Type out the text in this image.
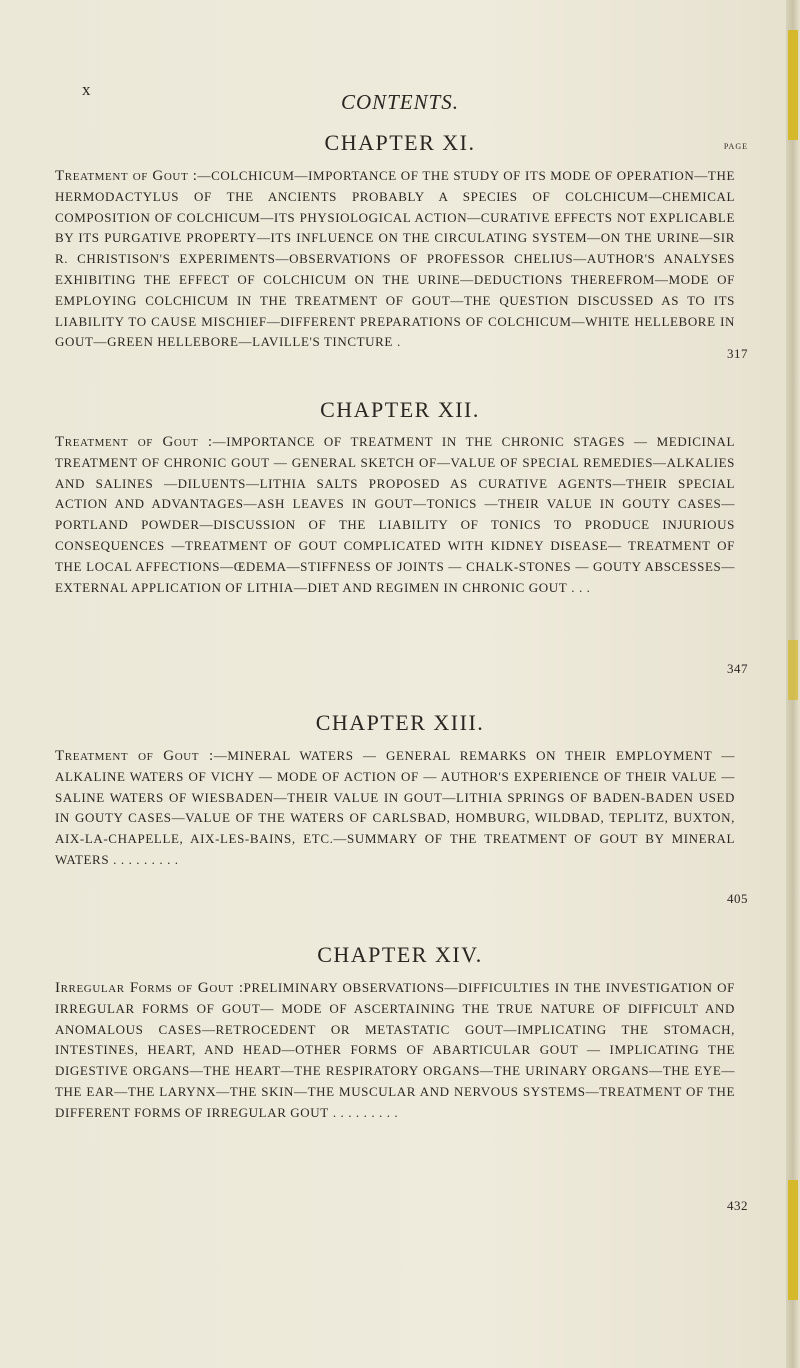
x
CONTENTS.
PAGE
CHAPTER XI.
Treatment of Gout :—COLCHICUM—IMPORTANCE OF THE STUDY OF ITS MODE OF OPERATION—THE HERMODACTYLUS OF THE ANCIENTS PROBABLY A SPECIES OF COLCHICUM—CHEMICAL COMPOSITION OF COLCHICUM—ITS PHYSIOLOGICAL ACTION—CURATIVE EFFECTS NOT EXPLICABLE BY ITS PURGATIVE PROPERTY—ITS INFLUENCE ON THE CIRCULATING SYSTEM—ON THE URINE—SIR R. CHRISTISON'S EXPERIMENTS—OBSERVATIONS OF PROFESSOR CHELIUS—AUTHOR'S ANALYSES EXHIBITING THE EFFECT OF COLCHICUM ON THE URINE—DEDUCTIONS THEREFROM—MODE OF EMPLOYING COLCHICUM IN THE TREATMENT OF GOUT—THE QUESTION DISCUSSED AS TO ITS LIABILITY TO CAUSE MISCHIEF—DIFFERENT PREPARATIONS OF COLCHICUM—WHITE HELLEBORE IN GOUT—GREEN HELLEBORE—LAVILLE'S TINCTURE .
317
CHAPTER XII.
Treatment of Gout :—IMPORTANCE OF TREATMENT IN THE CHRONIC STAGES — MEDICINAL TREATMENT OF CHRONIC GOUT — GENERAL SKETCH OF—VALUE OF SPECIAL REMEDIES—ALKALIES AND SALINES —DILUENTS—LITHIA SALTS PROPOSED AS CURATIVE AGENTS—THEIR SPECIAL ACTION AND ADVANTAGES—ASH LEAVES IN GOUT—TONICS —THEIR VALUE IN GOUTY CASES—PORTLAND POWDER—DISCUSSION OF THE LIABILITY OF TONICS TO PRODUCE INJURIOUS CONSEQUENCES —TREATMENT OF GOUT COMPLICATED WITH KIDNEY DISEASE— TREATMENT OF THE LOCAL AFFECTIONS—ŒDEMA—STIFFNESS OF JOINTS — CHALK-STONES — GOUTY ABSCESSES—EXTERNAL APPLICATION OF LITHIA—DIET AND REGIMEN IN CHRONIC GOUT . . .
347
CHAPTER XIII.
Treatment of Gout :—MINERAL WATERS — GENERAL REMARKS ON THEIR EMPLOYMENT — ALKALINE WATERS OF VICHY — MODE OF ACTION OF — AUTHOR'S EXPERIENCE OF THEIR VALUE — SALINE WATERS OF WIESBADEN—THEIR VALUE IN GOUT—LITHIA SPRINGS OF BADEN-BADEN USED IN GOUTY CASES—VALUE OF THE WATERS OF CARLSBAD, HOMBURG, WILDBAD, TEPLITZ, BUXTON, AIX-LA-CHAPELLE, AIX-LES-BAINS, ETC.—SUMMARY OF THE TREATMENT OF GOUT BY MINERAL WATERS . . . . . . . . .
405
CHAPTER XIV.
Irregular Forms of Gout :PRELIMINARY OBSERVATIONS—DIFFICULTIES IN THE INVESTIGATION OF IRREGULAR FORMS OF GOUT— MODE OF ASCERTAINING THE TRUE NATURE OF DIFFICULT AND ANOMALOUS CASES—RETROCEDENT OR METASTATIC GOUT—IMPLICATING THE STOMACH, INTESTINES, HEART, AND HEAD—OTHER FORMS OF ABARTICULAR GOUT — IMPLICATING THE DIGESTIVE ORGANS—THE HEART—THE RESPIRATORY ORGANS—THE URINARY ORGANS—THE EYE—THE EAR—THE LARYNX—THE SKIN—THE MUSCULAR AND NERVOUS SYSTEMS—TREATMENT OF THE DIFFERENT FORMS OF IRREGULAR GOUT . . . . . . . . .
432
